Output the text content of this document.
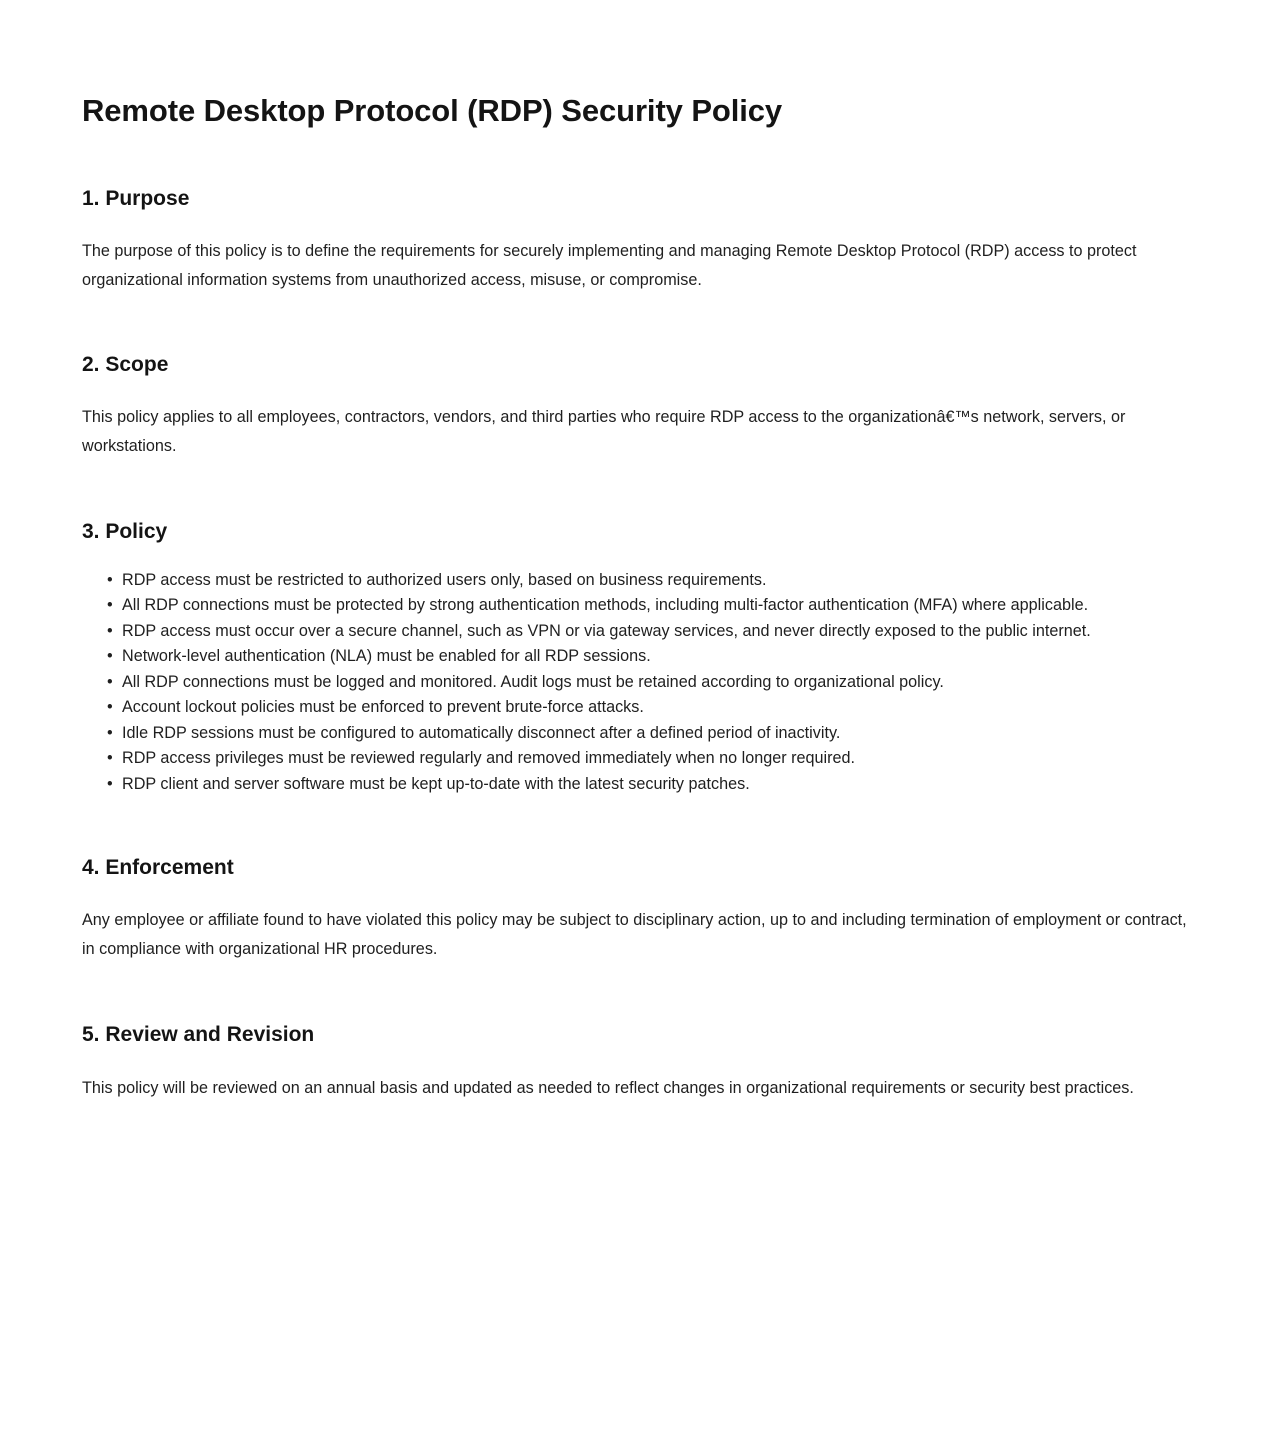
Remote Desktop Protocol (RDP) Security Policy
1. Purpose

The purpose of this policy is to define the requirements for securely implementing and managing Remote Desktop Protocol (RDP) access to protect organizational information systems from unauthorized access, misuse, or compromise.

2. Scope

This policy applies to all employees, contractors, vendors, and third parties who require RDP access to the organizationâ€™s network, servers, or workstations.

3. Policy
• RDP access must be restricted to authorized users only, based on business requirements.
• All RDP connections must be protected by strong authentication methods, including multi-factor authentication (MFA) where applicable.
• RDP access must occur over a secure channel, such as VPN or via gateway services, and never directly exposed to the public internet.
• Network-level authentication (NLA) must be enabled for all RDP sessions.
• All RDP connections must be logged and monitored. Audit logs must be retained according to organizational policy.
• Account lockout policies must be enforced to prevent brute-force attacks.
• Idle RDP sessions must be configured to automatically disconnect after a defined period of inactivity.
• RDP access privileges must be reviewed regularly and removed immediately when no longer required.
• RDP client and server software must be kept up-to-date with the latest security patches.
4. Enforcement

Any employee or affiliate found to have violated this policy may be subject to disciplinary action, up to and including termination of employment or contract, in compliance with organizational HR procedures.

5. Review and Revision

This policy will be reviewed on an annual basis and updated as needed to reflect changes in organizational requirements or security best practices.
